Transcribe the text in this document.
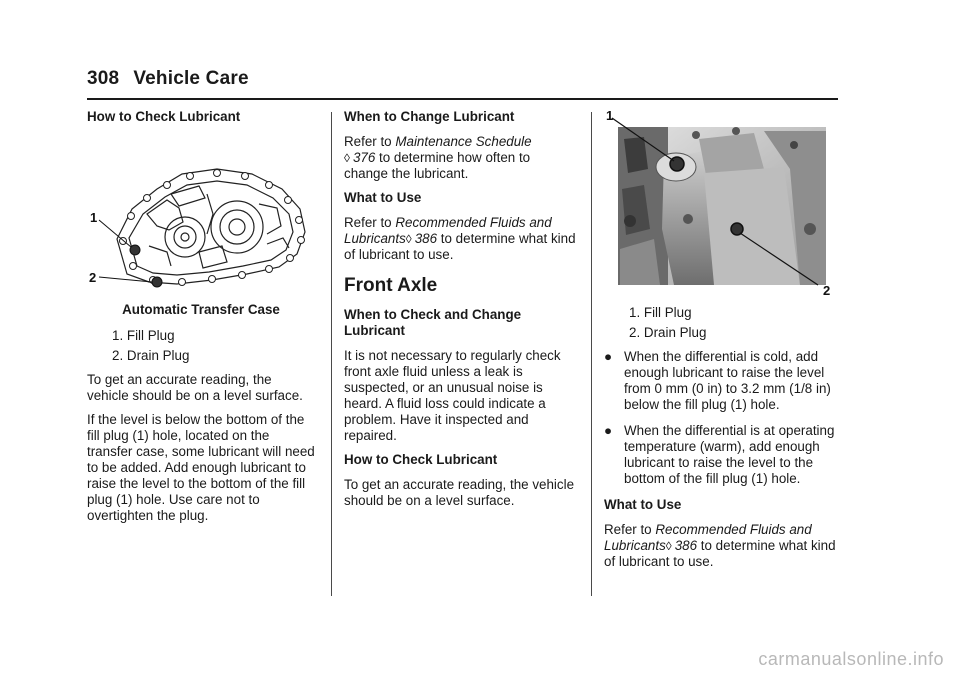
308 Vehicle Care
How to Check Lubricant
1
2
Automatic Transfer Case
1. Fill Plug
2. Drain Plug

To get an accurate reading, the vehicle should be on a level surface.

If the level is below the bottom of the fill plug (1) hole, located on the transfer case, some lubricant will need to be added. Add enough lubricant to raise the level to the bottom of the fill plug (1) hole. Use care not to overtighten the plug.

When to Change Lubricant

Refer to Maintenance Schedule
◊ 376 to determine how often to change the lubricant.

What to Use

Refer to Recommended Fluids and Lubricants◊ 386 to determine what kind of lubricant to use.

Front Axle
When to Check and Change Lubricant

It is not necessary to regularly check front axle fluid unless a leak is suspected, or an unusual noise is heard. A fluid loss could indicate a problem. Have it inspected and repaired.

How to Check Lubricant

To get an accurate reading, the vehicle should be on a level surface.

1
2
1. Fill Plug
2. Drain Plug
● When the differential is cold, add enough lubricant to raise the level from 0 mm (0 in) to 3.2 mm (1/8 in) below the fill plug (1) hole.
● When the differential is at operating temperature (warm), add enough lubricant to raise the level to the bottom of the fill plug (1) hole.
What to Use

Refer to Recommended Fluids and Lubricants◊ 386 to determine what kind of lubricant to use.

carmanualsonline.info
